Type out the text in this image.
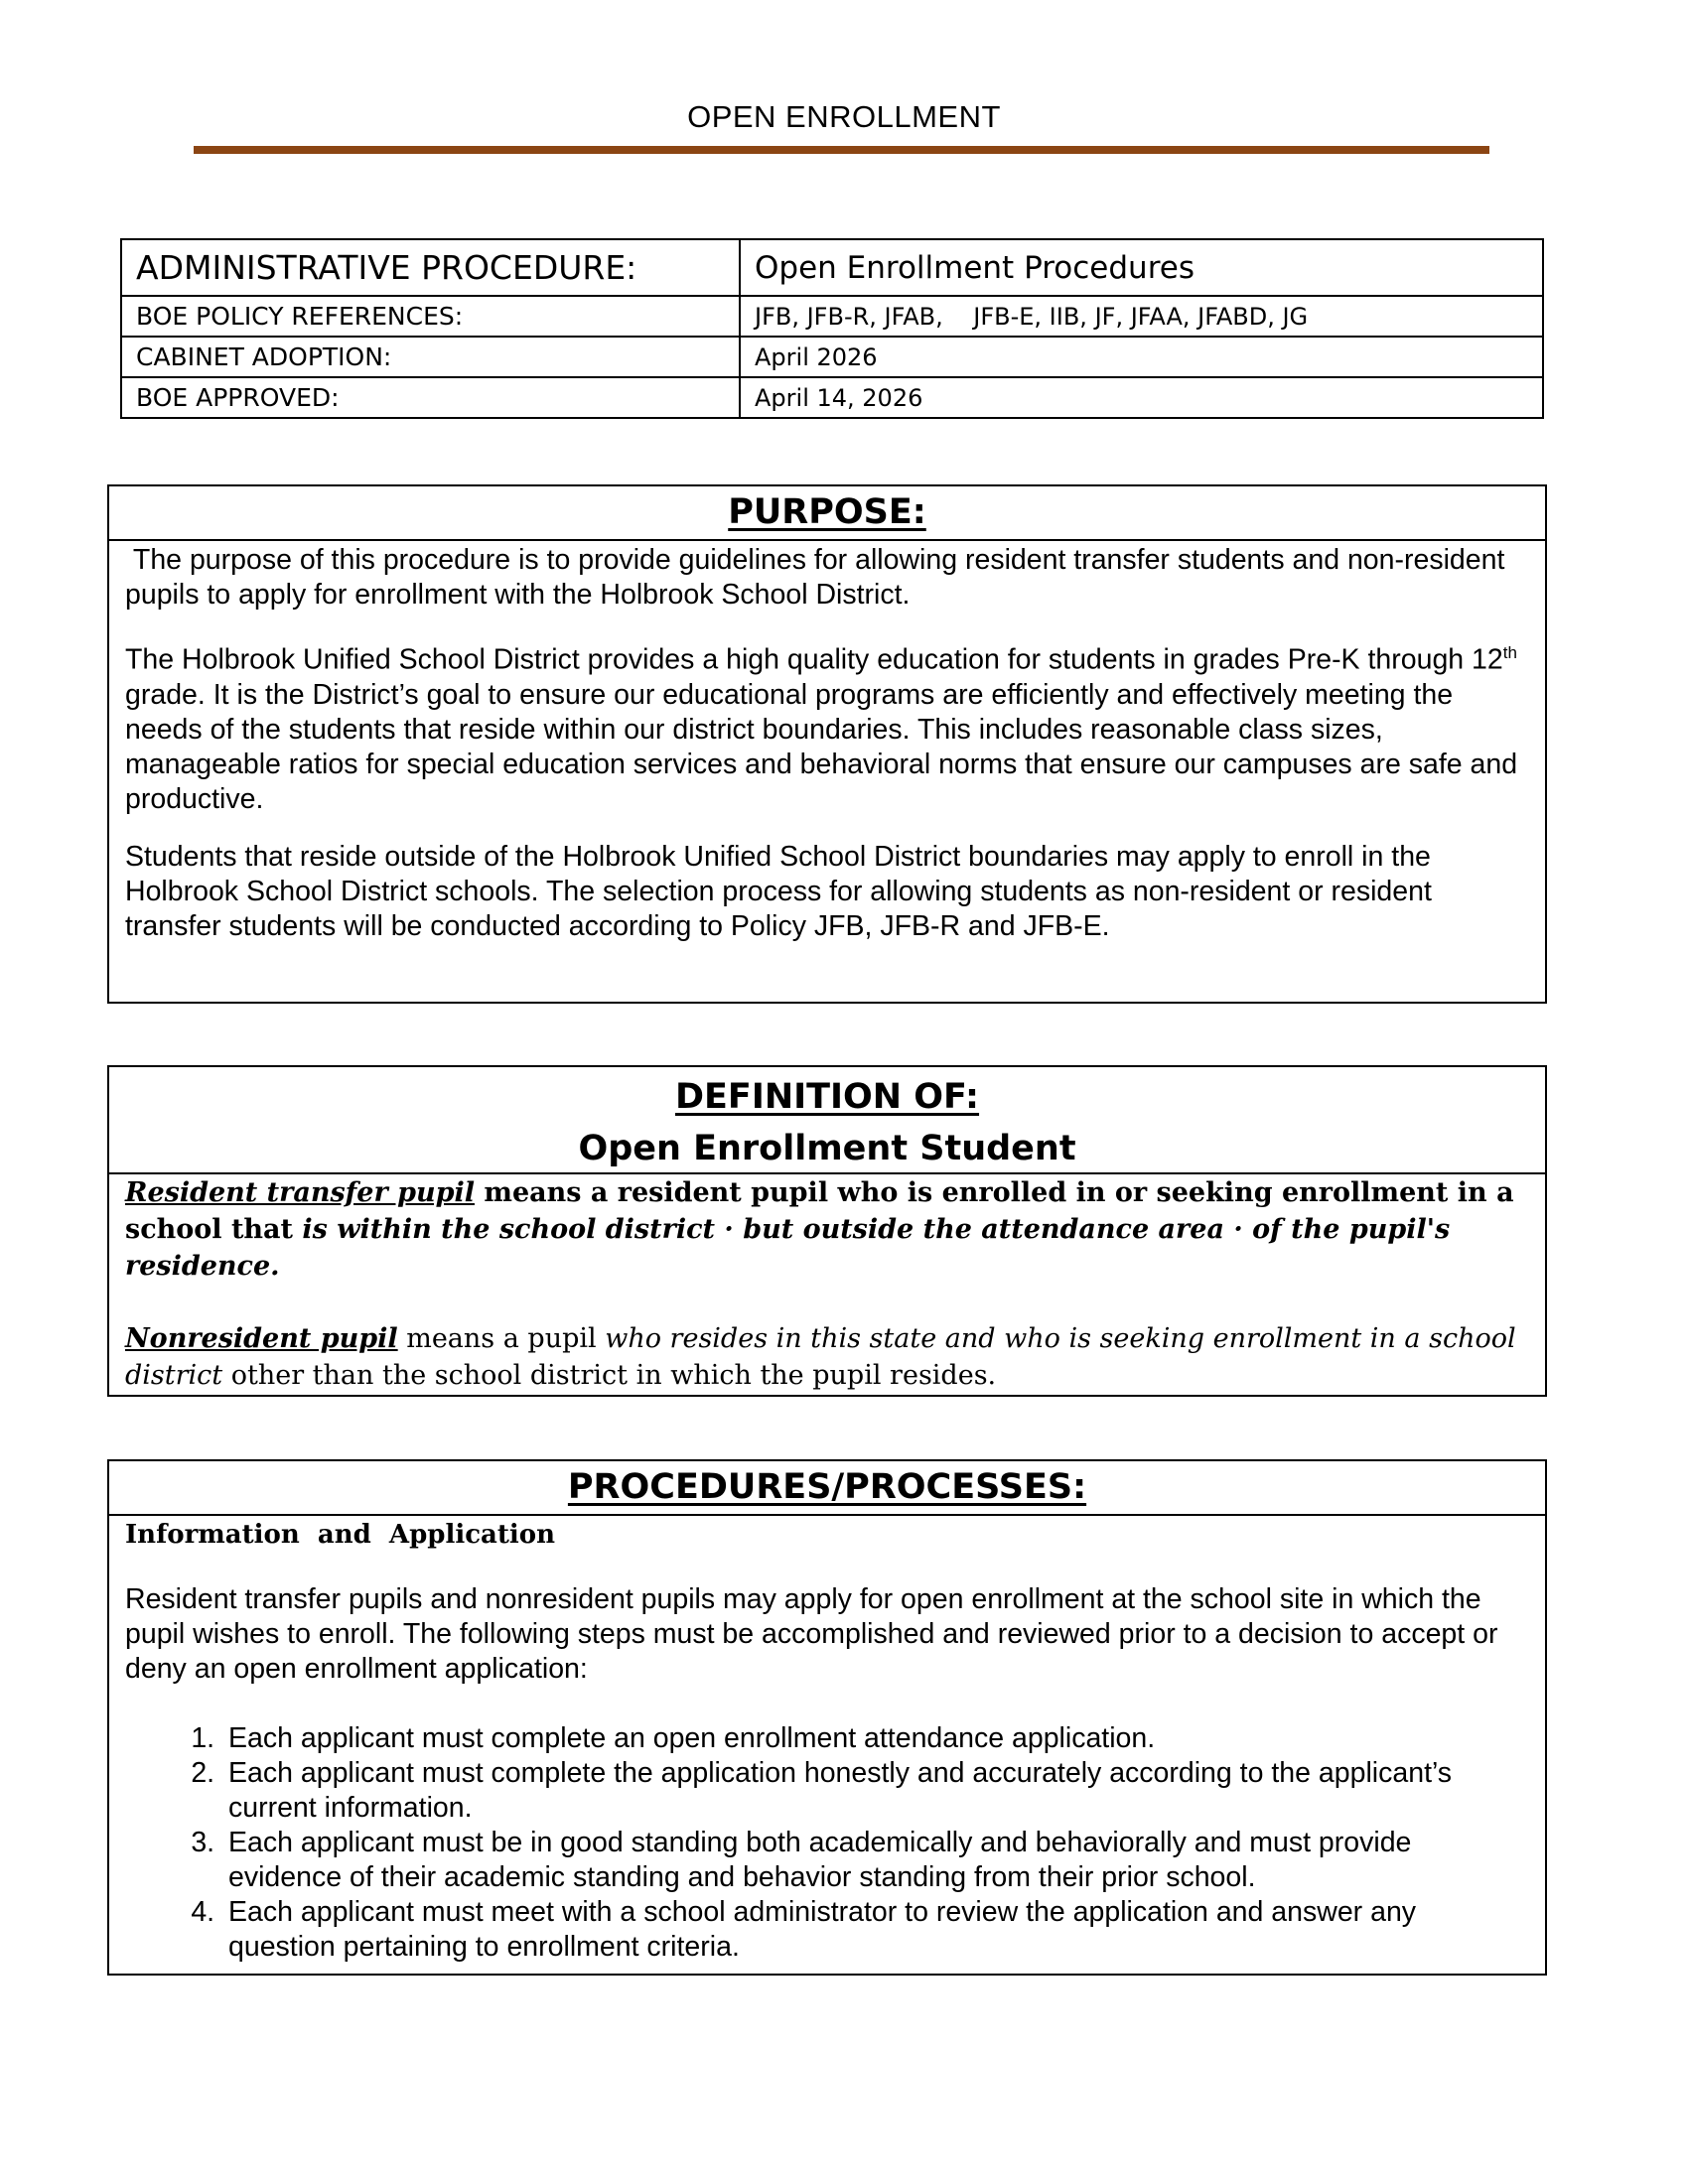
OPEN ENROLLMENT
ADMINISTRATIVE PROCEDURE:	Open Enrollment Procedures
BOE POLICY REFERENCES:	JFB, JFB-R, JFAB,    JFB-E, IIB, JF, JFAA, JFABD, JG
CABINET ADOPTION:	April 2026
BOE APPROVED:	April 14, 2026
PURPOSE:

The purpose of this procedure is to provide guidelines for allowing resident transfer students and non-resident pupils to apply for enrollment with the Holbrook School District.

The Holbrook Unified School District provides a high quality education for students in grades Pre-K through 12th grade. It is the District’s goal to ensure our educational programs are efficiently and effectively meeting the needs of the students that reside within our district boundaries. This includes reasonable class sizes, manageable ratios for special education services and behavioral norms that ensure our campuses are safe and productive.

Students that reside outside of the Holbrook Unified School District boundaries may apply to enroll in the Holbrook School District schools. The selection process for allowing students as non-resident or resident transfer students will be conducted according to Policy JFB, JFB-R and JFB-E.

DEFINITION OF:
Open Enrollment Student

Resident transfer pupil means a resident pupil who is enrolled in or seeking enrollment in a school that is within the school district · but outside the attendance area · of the pupil's residence.

Nonresident pupil means a pupil who resides in this state and who is seeking enrollment in a school district other than the school district in which the pupil resides.

PROCEDURES/PROCESSES:

Information  and  Application

Resident transfer pupils and nonresident pupils may apply for open enrollment at the school site in which the pupil wishes to enroll. The following steps must be accomplished and reviewed prior to a decision to accept or deny an open enrollment application:

1. Each applicant must complete an open enrollment attendance application.
2. Each applicant must complete the application honestly and accurately according to the applicant’s current information.
3. Each applicant must be in good standing both academically and behaviorally and must provide evidence of their academic standing and behavior standing from their prior school.
4. Each applicant must meet with a school administrator to review the application and answer any question pertaining to enrollment criteria.
